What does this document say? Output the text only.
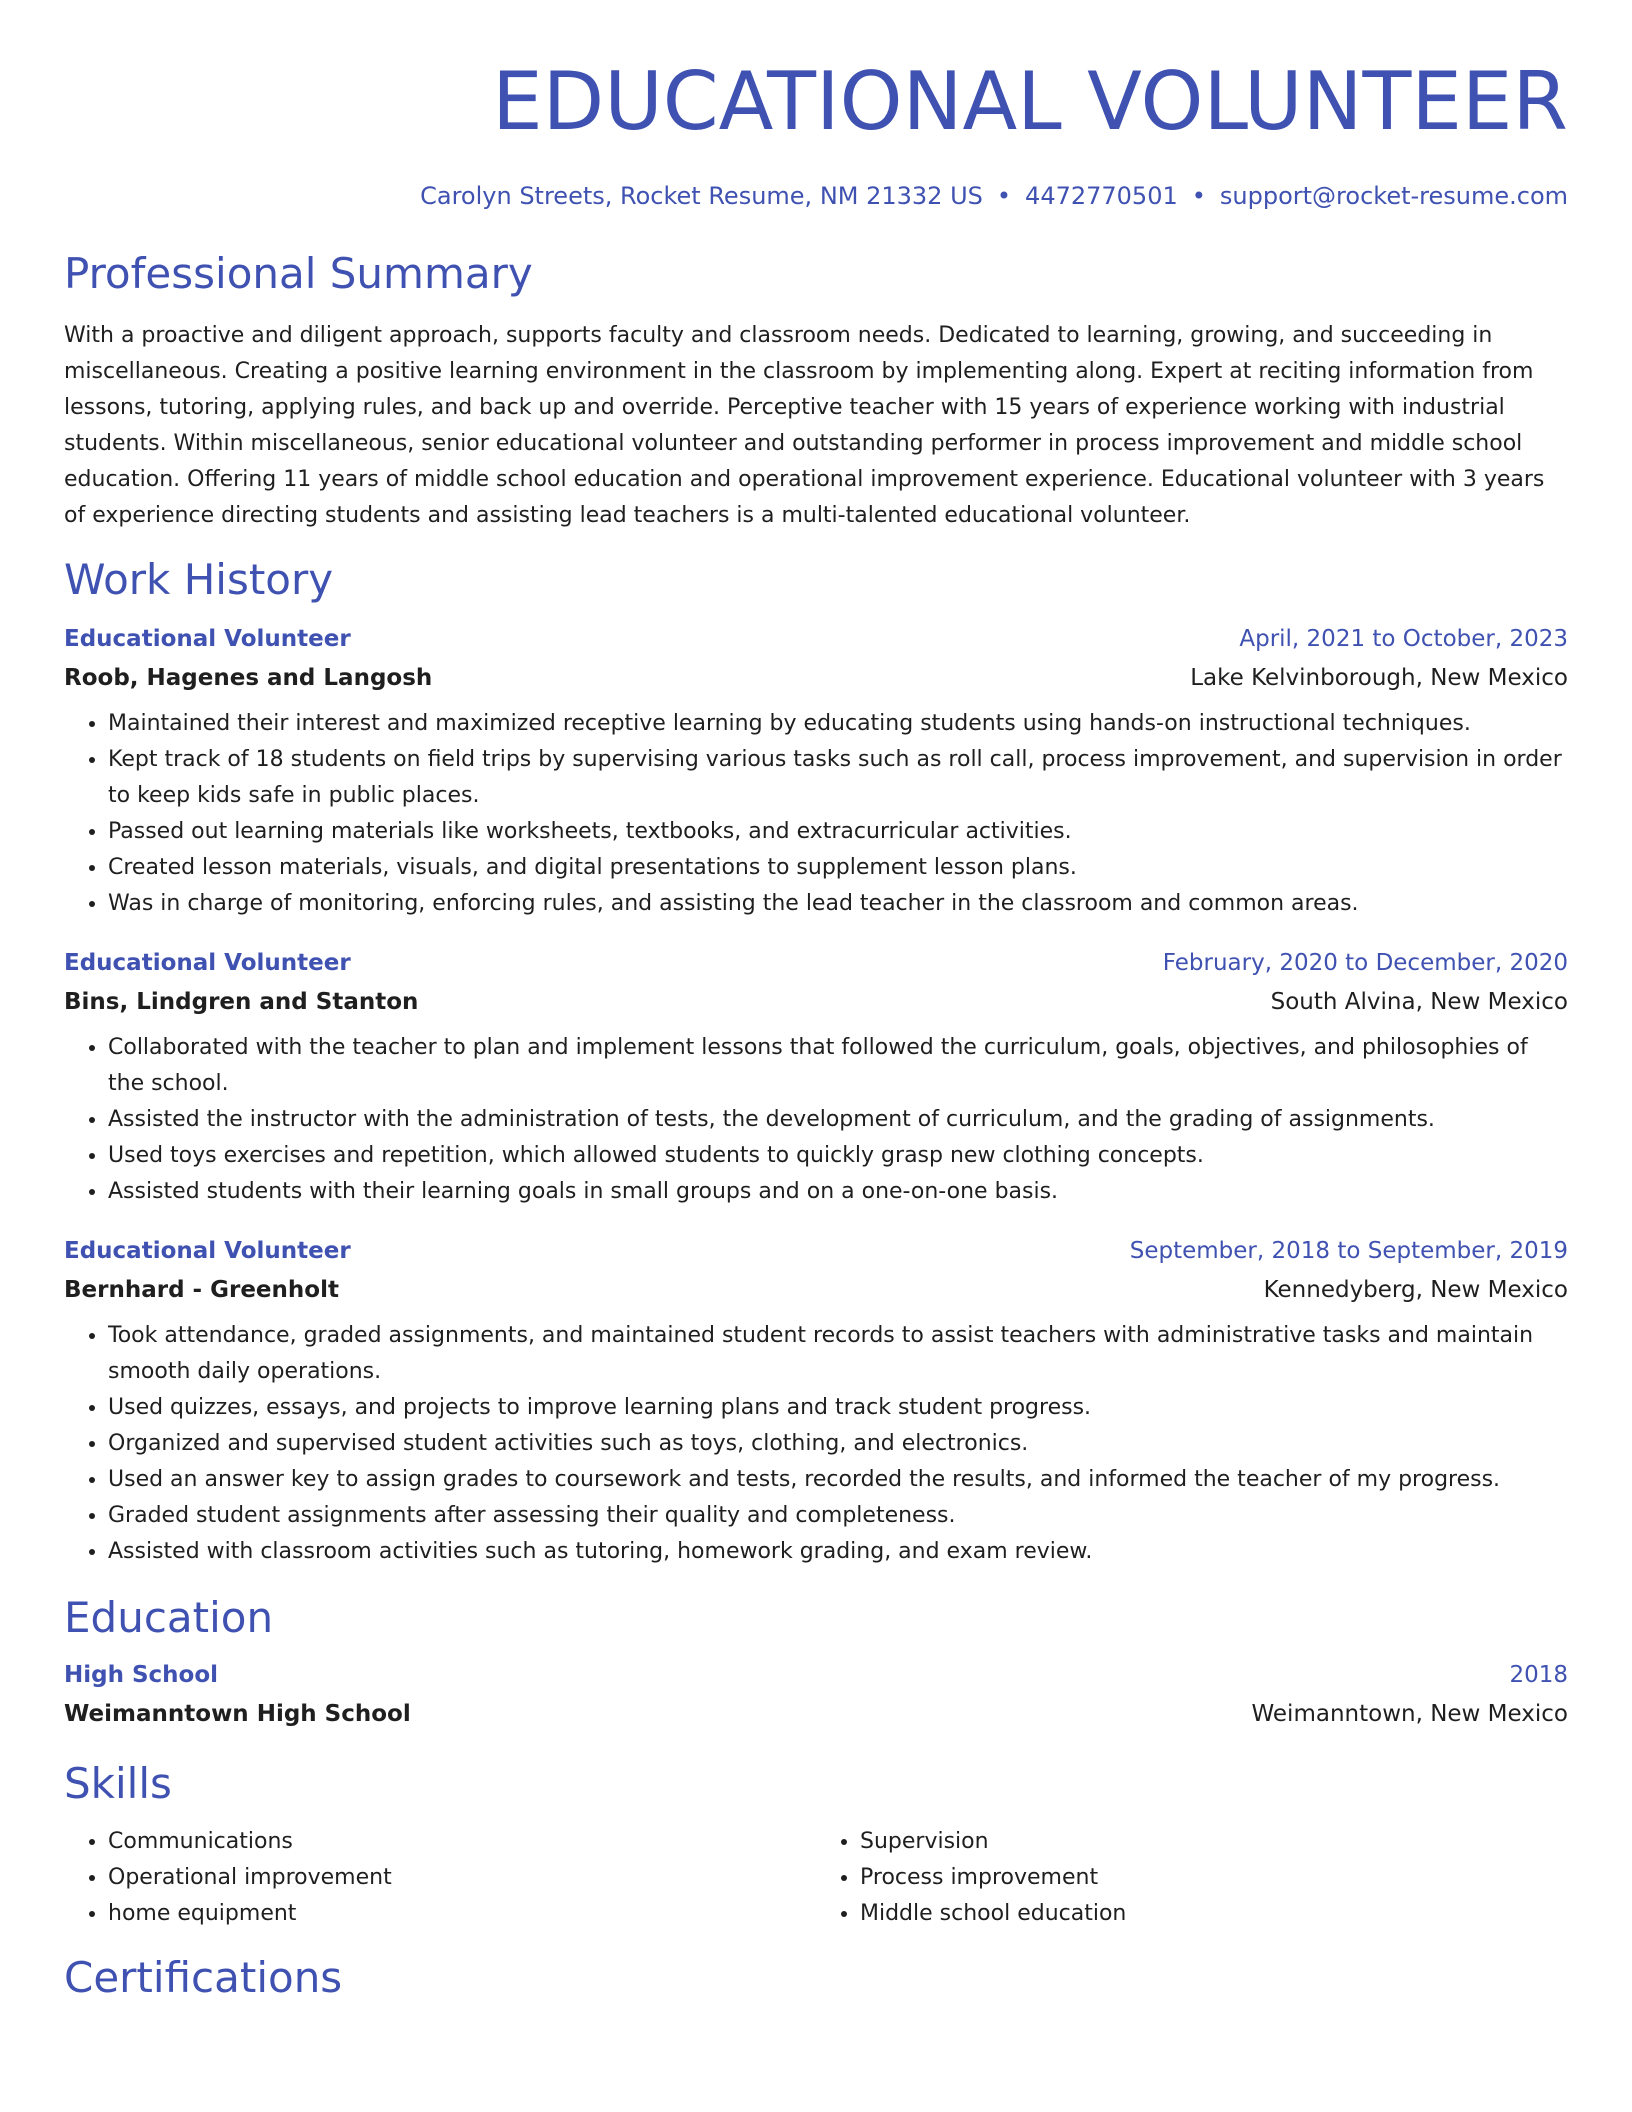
EDUCATIONAL VOLUNTEER
Carolyn Streets, Rocket Resume, NM 21332 US • 4472770501 • support@rocket-resume.com
Professional Summary

With a proactive and diligent approach, supports faculty and classroom needs. Dedicated to learning, growing, and succeeding in miscellaneous. Creating a positive learning environment in the classroom by implementing along. Expert at reciting information from lessons, tutoring, applying rules, and back up and override. Perceptive teacher with 15 years of experience working with industrial students. Within miscellaneous, senior educational volunteer and outstanding performer in process improvement and middle school education. Offering 11 years of middle school education and operational improvement experience. Educational volunteer with 3 years of experience directing students and assisting lead teachers is a multi-talented educational volunteer.

Work History
Educational Volunteer	April, 2021 to October, 2023
Roob, Hagenes and Langosh	Lake Kelvinborough, New Mexico
• Maintained their interest and maximized receptive learning by educating students using hands-on instructional techniques.
• Kept track of 18 students on field trips by supervising various tasks such as roll call, process improvement, and supervision in order to keep kids safe in public places.
• Passed out learning materials like worksheets, textbooks, and extracurricular activities.
• Created lesson materials, visuals, and digital presentations to supplement lesson plans.
• Was in charge of monitoring, enforcing rules, and assisting the lead teacher in the classroom and common areas.
Educational Volunteer	February, 2020 to December, 2020
Bins, Lindgren and Stanton	South Alvina, New Mexico
• Collaborated with the teacher to plan and implement lessons that followed the curriculum, goals, objectives, and philosophies of the school.
• Assisted the instructor with the administration of tests, the development of curriculum, and the grading of assignments.
• Used toys exercises and repetition, which allowed students to quickly grasp new clothing concepts.
• Assisted students with their learning goals in small groups and on a one-on-one basis.
Educational Volunteer	September, 2018 to September, 2019
Bernhard - Greenholt	Kennedyberg, New Mexico
• Took attendance, graded assignments, and maintained student records to assist teachers with administrative tasks and maintain smooth daily operations.
• Used quizzes, essays, and projects to improve learning plans and track student progress.
• Organized and supervised student activities such as toys, clothing, and electronics.
• Used an answer key to assign grades to coursework and tests, recorded the results, and informed the teacher of my progress.
• Graded student assignments after assessing their quality and completeness.
• Assisted with classroom activities such as tutoring, homework grading, and exam review.
Education
High School	2018
Weimanntown High School	Weimanntown, New Mexico
Skills
• Communications
• Operational improvement
• home equipment
• Supervision
• Process improvement
• Middle school education
Certifications
